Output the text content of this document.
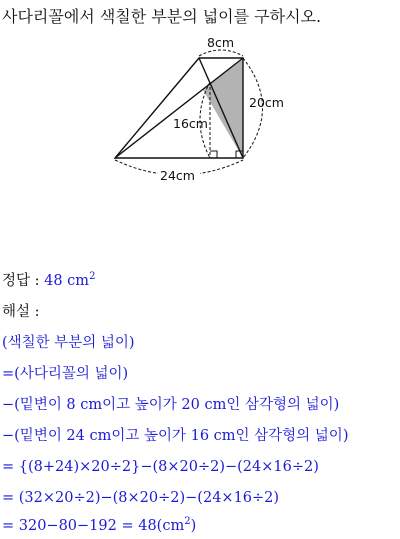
사다리꼴에서 색칠한 부분의 넓이를 구하시오.
8cm
20cm
16cm
24cm
정답 : 48 $cm^2$
해설 :
(색칠한 부분의 넓이)
=(사다리꼴의 넓이)
−(밑변이 8 cm이고 높이가 20 cm인 삼각형의 넓이)
−(밑변이 24 cm이고 높이가 16 cm인 삼각형의 넓이)
= {(8+24)×20÷2}−(8×20÷2)−(24×16÷2)
= (32×20÷2)−(8×20÷2)−(24×16÷2)
= $320-80-192 = 48(cm^2)$
